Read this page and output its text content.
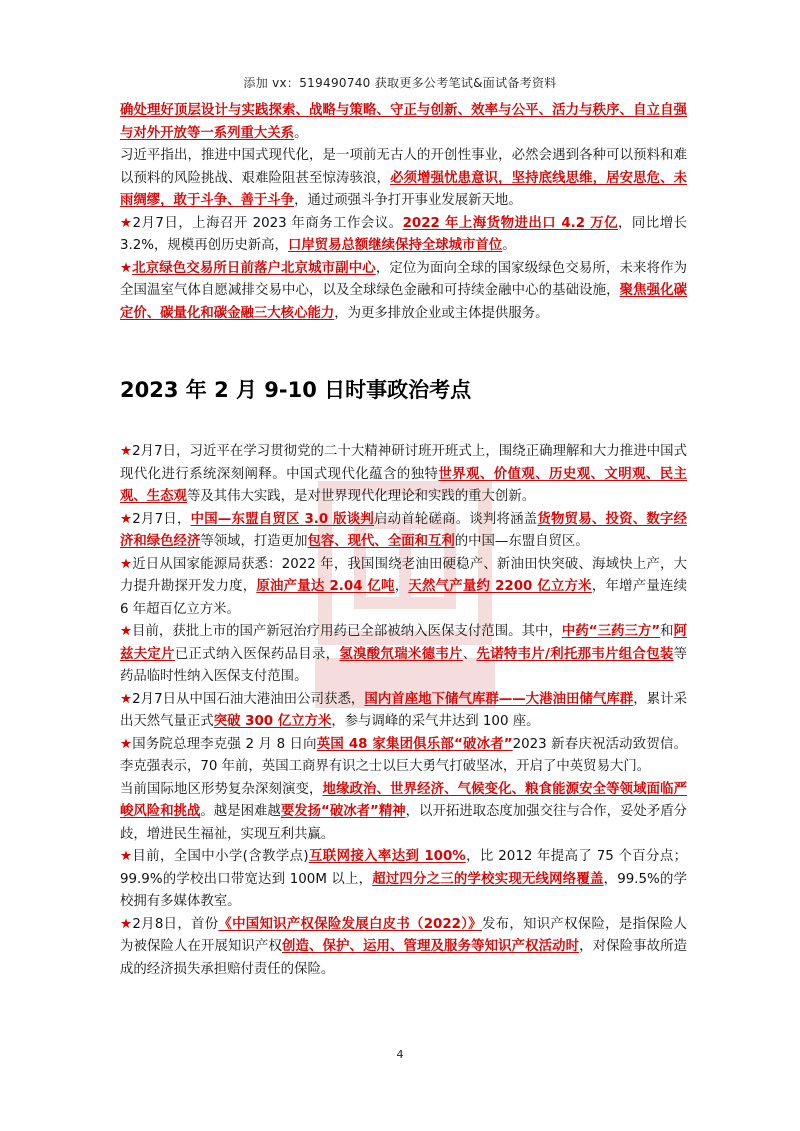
添加 vx：519490740 获取更多公考笔试&面试备考资料

确处理好顶层设计与实践探索、战略与策略、守正与创新、效率与公平、活力与秩序、自立自强与对外开放等一系列重大关系。

习近平指出，推进中国式现代化，是一项前无古人的开创性事业，必然会遇到各种可以预料和难以预料的风险挑战、艰难险阻甚至惊涛骇浪，必须增强忧患意识，坚持底线思维，居安思危、未雨绸缪，敢于斗争、善于斗争，通过顽强斗争打开事业发展新天地。

★2月7日，上海召开 2023 年商务工作会议。2022 年上海货物进出口 4.2 万亿，同比增长 3.2%，规模再创历史新高，口岸贸易总额继续保持全球城市首位。

★北京绿色交易所日前落户北京城市副中心，定位为面向全球的国家级绿色交易所，未来将作为全国温室气体自愿减排交易中心，以及全球绿色金融和可持续金融中心的基础设施，聚焦强化碳定价、碳量化和碳金融三大核心能力，为更多排放企业或主体提供服务。

2023 年 2 月 9-10 日时事政治考点

★2月7日，习近平在学习贯彻党的二十大精神研讨班开班式上，围绕正确理解和大力推进中国式现代化进行系统深刻阐释。中国式现代化蕴含的独特世界观、价值观、历史观、文明观、民主观、生态观等及其伟大实践，是对世界现代化理论和实践的重大创新。

★2月7日，中国—东盟自贸区 3.0 版谈判启动首轮磋商。谈判将涵盖货物贸易、投资、数字经济和绿色经济等领域，打造更加包容、现代、全面和互利的中国—东盟自贸区。

★近日从国家能源局获悉：2022 年，我国围绕老油田硬稳产、新油田快突破、海域快上产，大力提升勘探开发力度，原油产量达 2.04 亿吨，天然气产量约 2200 亿立方米，年增产量连续 6 年超百亿立方米。

★目前，获批上市的国产新冠治疗用药已全部被纳入医保支付范围。其中，中药“三药三方”和阿兹夫定片已正式纳入医保药品目录，氢溴酸氘瑞米德韦片、先诺特韦片/利托那韦片组合包装等药品临时性纳入医保支付范围。

★2月7日从中国石油大港油田公司获悉，国内首座地下储气库群——大港油田储气库群，累计采出天然气量正式突破 300 亿立方米，参与调峰的采气井达到 100 座。

★国务院总理李克强 2 月 8 日向英国 48 家集团俱乐部“破冰者”2023 新春庆祝活动致贺信。李克强表示，70 年前，英国工商界有识之士以巨大勇气打破坚冰，开启了中英贸易大门。

当前国际地区形势复杂深刻演变，地缘政治、世界经济、气候变化、粮食能源安全等领域面临严峻风险和挑战。越是困难越要发扬“破冰者”精神，以开拓进取态度加强交往与合作，妥处矛盾分歧，增进民生福祉，实现互利共赢。

★目前，全国中小学(含教学点)互联网接入率达到 100%，比 2012 年提高了 75 个百分点；99.9%的学校出口带宽达到 100M 以上，超过四分之三的学校实现无线网络覆盖，99.5%的学校拥有多媒体教室。

★2月8日，首份《中国知识产权保险发展白皮书（2022）》发布，知识产权保险，是指保险人为被保险人在开展知识产权创造、保护、运用、管理及服务等知识产权活动时，对保险事故所造成的经济损失承担赔付责任的保险。

4
